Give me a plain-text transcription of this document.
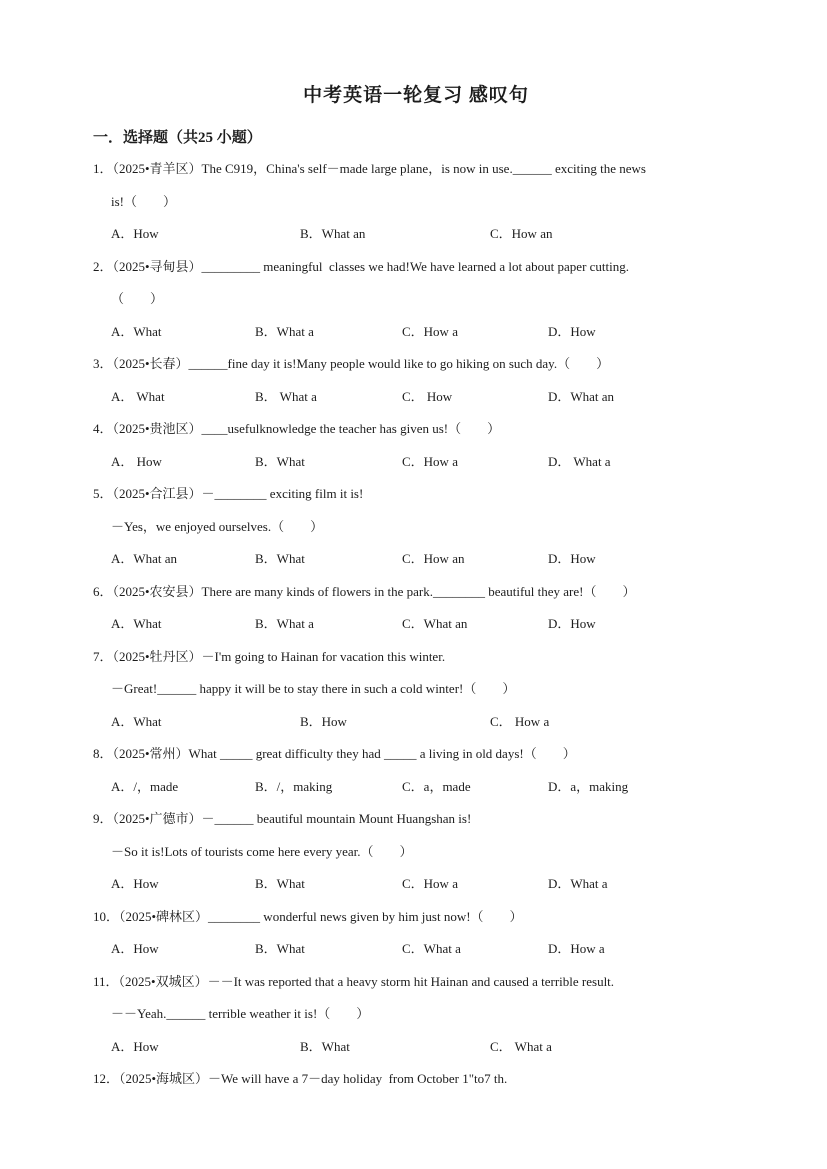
中考英语一轮复习 感叹句
一．选择题（共25 小题）

1．（2025•青羊区）The C919，China's self－made large plane，is now in use.______ exciting the news

is!（　　）

A．How	B．What an	C．How an

2．（2025•寻甸县）_________ meaningful  classes we had!We have learned a lot about paper cutting.

（　　）

A．What	B．What a	C．How a	D．How

3．（2025•长春）______fine day it is!Many people would like to go hiking on such day.（　　）

A． What	B． What a	C． How	D．What an

4．（2025•贵池区）____usefulknowledge the teacher has given us!（　　）

A． How	B．What	C．How a	D． What a

5．（2025•合江县）－________ exciting film it is!

－Yes，we enjoyed ourselves.（　　）

A．What an	B．What	C．How an	D．How

6．（2025•农安县）There are many kinds of flowers in the park.________ beautiful they are!（　　）

A．What	B．What a	C．What an	D．How

7．（2025•牡丹区）－I'm going to Hainan for vacation this winter.

－Great!______ happy it will be to stay there in such a cold winter!（　　）

A．What	B．How	C． How a

8．（2025•常州）What _____ great difficulty they had _____ a living in old days!（　　）

A．/，made	B．/，making	C．a，made	D．a，making

9．（2025•广德市）－______ beautiful mountain Mount Huangshan is!

－So it is!Lots of tourists come here every year.（　　）

A．How	B．What	C．How a	D．What a

10．（2025•碑林区）________ wonderful news given by him just now!（　　）

A．How	B．What	C．What a	D．How a

11．（2025•双城区）－－It was reported that a heavy storm hit Hainan and caused a terrible result.

－－Yeah.______ terrible weather it is!（　　）

A．How	B．What	C． What a

12．（2025•海城区）－We will have a 7－day holiday  from October 1"to7 th.
